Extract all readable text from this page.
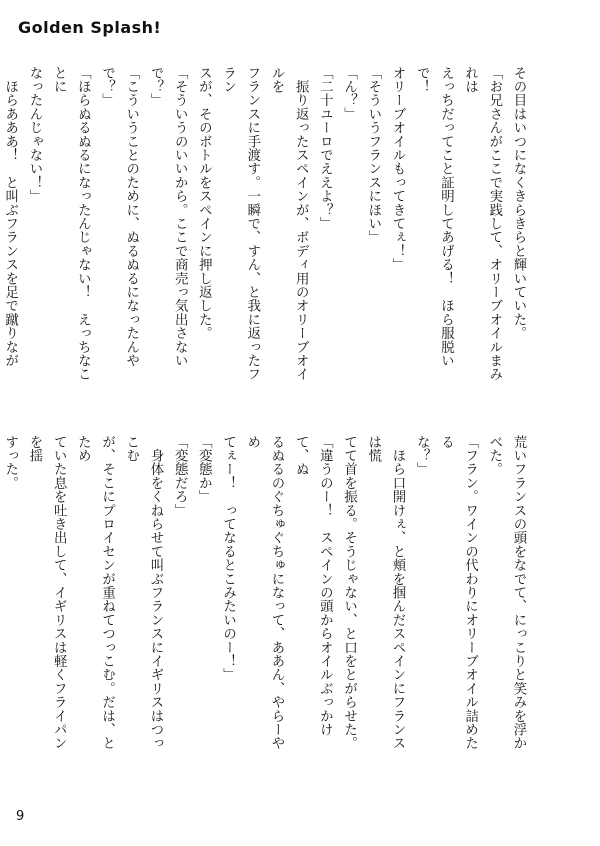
Golden Splash!
その目はいつになくきらきらと輝いていた。
「お兄さんがここで実践して、オリーブオイルまみれは
えっちだってこと証明してあげる！　ほら服脱いで！
オリーブオイルもってきてぇ！」
「そういうフランスにほい」
「ん？」
「二十ユーロでええよ？」
　振り返ったスペインが、ボディ用のオリーブオイルを
フランスに手渡す。一瞬で、すん、と我に返ったフラン
スが、そのボトルをスペインに押し返した。
「そういうのいいから。ここで商売っ気出さないで？」
「こういうことのために、ぬるぬるになったんやで？」
「ほらぬるぬるになったんじゃない！　えっちなことに
なったんじゃない！」
　ほらあああ！　と叫ぶフランスを足で蹴りなが
荒いフランスの頭をなでて、にっこりと笑みを浮かべた。
「フラン。ワインの代わりにオリーブオイル詰めたる
な？」
　ほら口開けぇ、と頬を掴んだスペインにフランスは慌
てて首を振る。そうじゃない、と口をとがらせた。
「違うのー！　スペインの頭からオイルぶっかけて、ぬ
るぬるのぐちゅぐちゅになって、ああん、やらーやめ
てぇー！　ってなるとこみたいのー！」
「変態か」
「変態だろ」
　身体をくねらせて叫ぶフランスにイギリスはつっこむ
が、そこにプロイセンが重ねてつっこむ。だは、とため
ていた息を吐き出して、イギリスは軽くフライパンを揺
すった。
9
